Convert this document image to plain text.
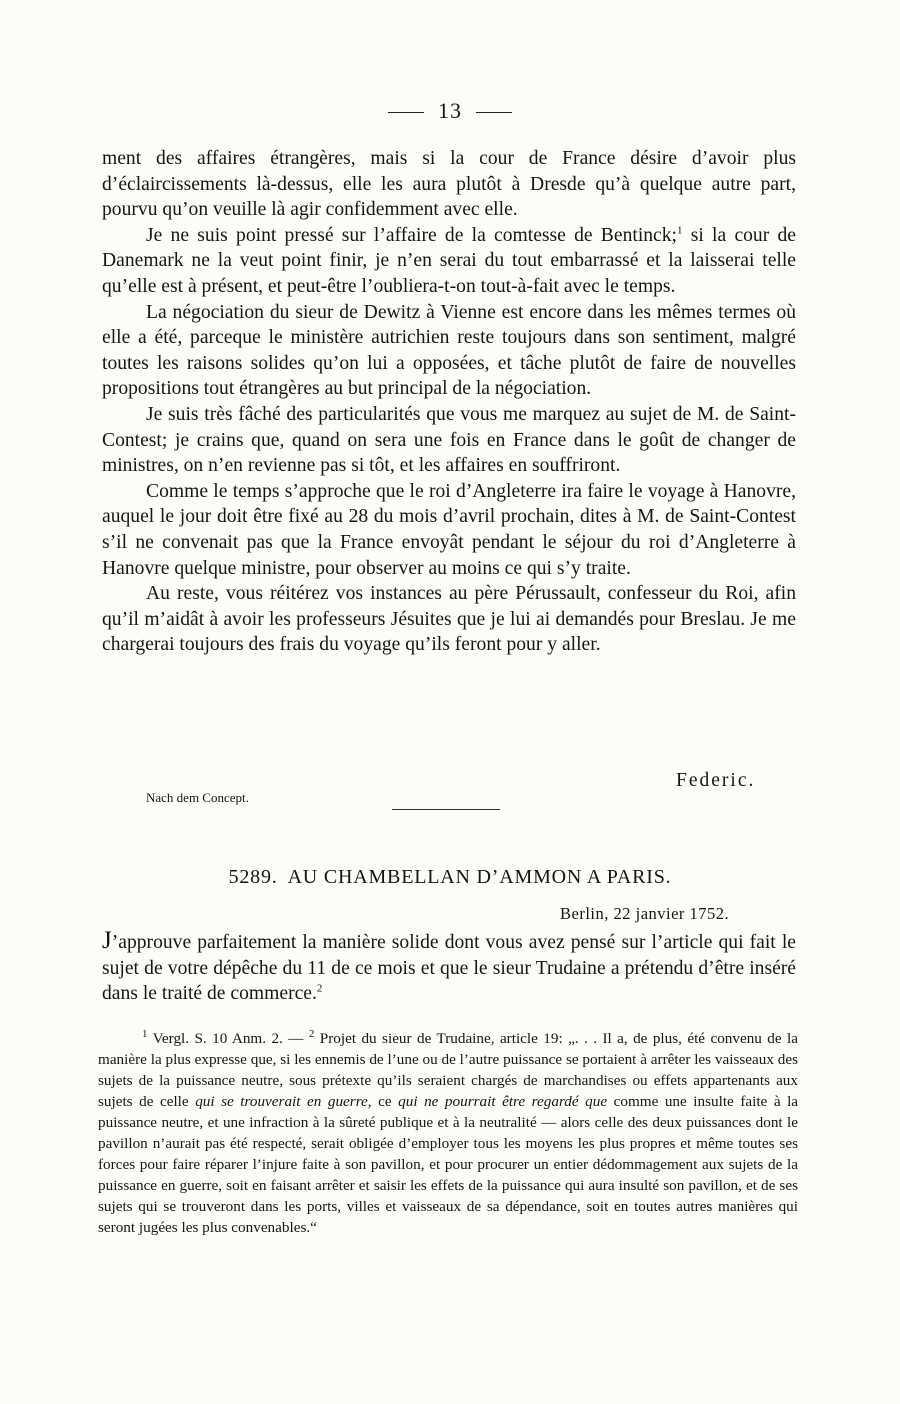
13

ment des affaires étrangères, mais si la cour de France désire d’avoir plus d’éclaircissements là-dessus, elle les aura plutôt à Dresde qu’à quelque autre part, pourvu qu’on veuille là agir confidemment avec elle.

Je ne suis point pressé sur l’affaire de la comtesse de Bentinck;$^1$ si la cour de Danemark ne la veut point finir, je n’en serai du tout embarrassé et la laisserai telle qu’elle est à présent, et peut-être l’oubliera-t-on tout-à-fait avec le temps.

La négociation du sieur de Dewitz à Vienne est encore dans les mêmes termes où elle a été, parceque le ministère autrichien reste toujours dans son sentiment, malgré toutes les raisons solides qu’on lui a opposées, et tâche plutôt de faire de nouvelles propositions tout étrangères au but principal de la négociation.

Je suis très fâché des particularités que vous me marquez au sujet de M. de Saint-Contest; je crains que, quand on sera une fois en France dans le goût de changer de ministres, on n’en revienne pas si tôt, et les affaires en souffriront.

Comme le temps s’approche que le roi d’Angleterre ira faire le voyage à Hanovre, auquel le jour doit être fixé au 28 du mois d’avril prochain, dites à M. de Saint-Contest s’il ne convenait pas que la France envoyât pendant le séjour du roi d’Angleterre à Hanovre quelque ministre, pour observer au moins ce qui s’y traite.

Au reste, vous réitérez vos instances au père Pérussault, confesseur du Roi, afin qu’il m’aidât à avoir les professeurs Jésuites que je lui ai demandés pour Breslau. Je me chargerai toujours des frais du voyage qu’ils feront pour y aller.

Federic.
Nach dem Concept.
5289. AU CHAMBELLAN D’AMMON A PARIS.
Berlin, 22 janvier 1752.

J’approuve parfaitement la manière solide dont vous avez pensé sur l’article qui fait le sujet de votre dépêche du 11 de ce mois et que le sieur Trudaine a prétendu d’être inséré dans le traité de commerce.$^2$

$^1$ Vergl. S. 10 Anm. 2. — $^2$ Projet du sieur de Trudaine, article 19: „. . . Il a, de plus, été convenu de la manière la plus expresse que, si les ennemis de l’une ou de l’autre puissance se portaient à arrêter les vaisseaux des sujets de la puissance neutre, sous prétexte qu’ils seraient chargés de marchandises ou effets appartenants aux sujets de celle qui se trouverait en guerre, ce qui ne pourrait être regardé que comme une insulte faite à la puissance neutre, et une infraction à la sûreté publique et à la neutralité — alors celle des deux puissances dont le pavillon n’aurait pas été respecté, serait obligée d’employer tous les moyens les plus propres et même toutes ses forces pour faire réparer l’injure faite à son pavillon, et pour procurer un entier dédommagement aux sujets de la puissance en guerre, soit en faisant arrêter et saisir les effets de la puissance qui aura insulté son pavillon, et de ses sujets qui se trouveront dans les ports, villes et vaisseaux de sa dépendance, soit en toutes autres manières qui seront jugées les plus convenables.“
